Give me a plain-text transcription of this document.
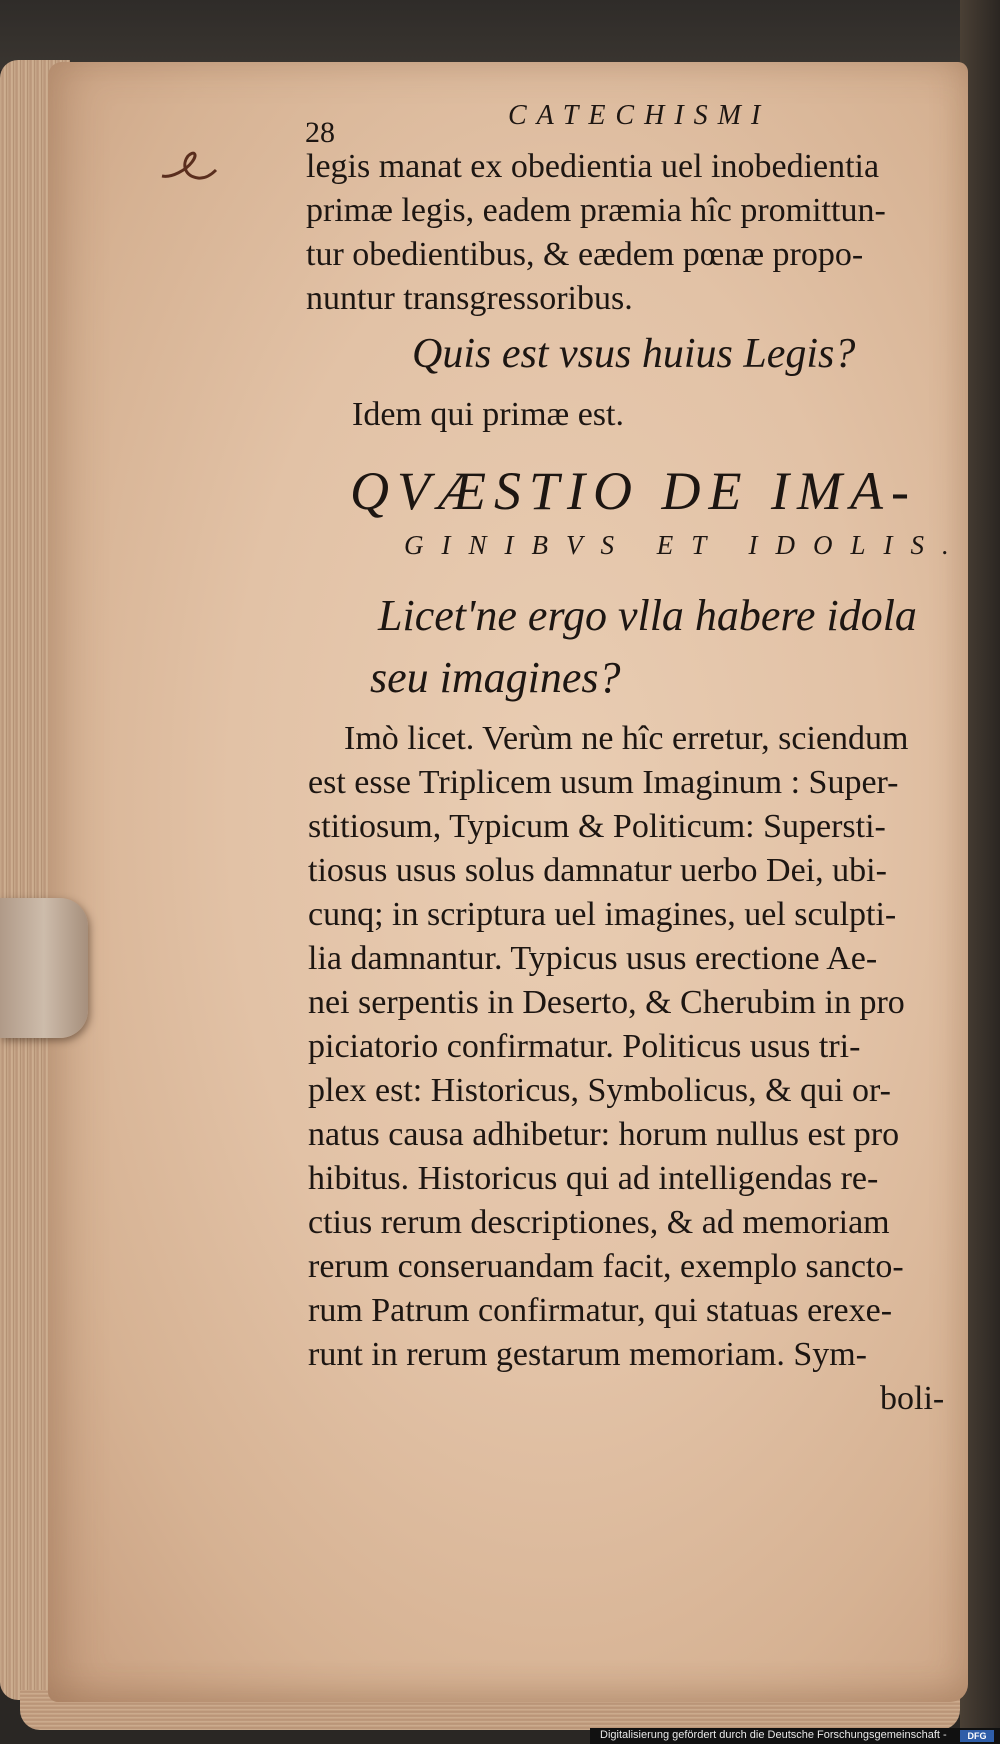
28
CATECHISMI
legis manat ex obedientia uel inobedientia
primæ legis, eadem præmia hîc promittun-
tur obedientibus, & eædem pœnæ propo-
nuntur transgressoribus.
Quis est vsus huius Legis?
Idem qui primæ est.
QVÆSTIO DE IMA-
GINIBVS ET IDOLIS.
Licet'ne ergo vlla habere idola
seu imagines?
Imò licet. Verùm ne hîc erretur, sciendum
est esse Triplicem usum Imaginum : Super-
stitiosum, Typicum & Politicum: Supersti-
tiosus usus solus damnatur uerbo Dei, ubi-
cunq; in scriptura uel imagines, uel sculpti-
lia damnantur. Typicus usus erectione Ae-
nei serpentis in Deserto, & Cherubim in pro
piciatorio confirmatur. Politicus usus tri-
plex est: Historicus, Symbolicus, & qui or-
natus causa adhibetur: horum nullus est pro
hibitus. Historicus qui ad intelligendas re-
ctius rerum descriptiones, & ad memoriam
rerum conseruandam facit, exemplo sancto-
rum Patrum confirmatur, qui statuas erexe-
runt in rerum gestarum memoriam. Sym-
boli-
Digitalisierung gefördert durch die Deutsche Forschungsgemeinschaft -	DFG
